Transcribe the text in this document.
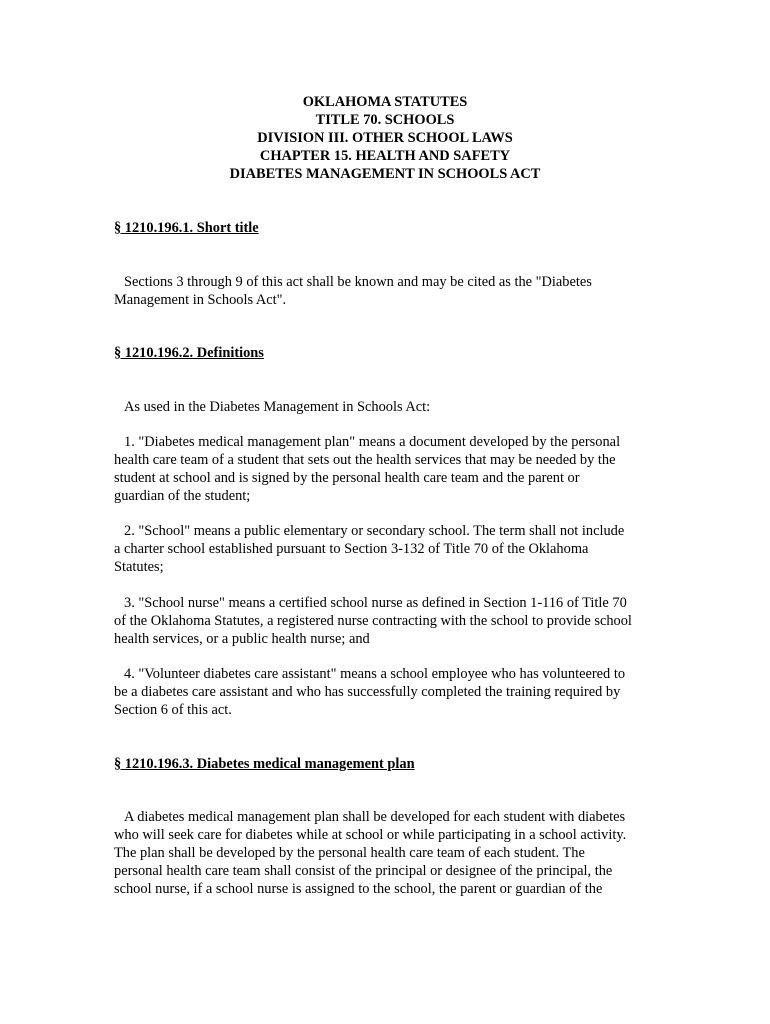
OKLAHOMA STATUTES
TITLE 70. SCHOOLS
DIVISION III. OTHER SCHOOL LAWS
CHAPTER 15. HEALTH AND SAFETY
DIABETES MANAGEMENT IN SCHOOLS ACT
§ 1210.196.1. Short title
Sections 3 through 9 of this act shall be known and may be cited as the "Diabetes
Management in Schools Act".
§ 1210.196.2. Definitions
As used in the Diabetes Management in Schools Act:
1. "Diabetes medical management plan" means a document developed by the personal
health care team of a student that sets out the health services that may be needed by the
student at school and is signed by the personal health care team and the parent or
guardian of the student;
2. "School" means a public elementary or secondary school. The term shall not include
a charter school established pursuant to Section 3-132 of Title 70 of the Oklahoma
Statutes;
3. "School nurse" means a certified school nurse as defined in Section 1-116 of Title 70
of the Oklahoma Statutes, a registered nurse contracting with the school to provide school
health services, or a public health nurse; and
4. "Volunteer diabetes care assistant" means a school employee who has volunteered to
be a diabetes care assistant and who has successfully completed the training required by
Section 6 of this act.
§ 1210.196.3. Diabetes medical management plan
A diabetes medical management plan shall be developed for each student with diabetes
who will seek care for diabetes while at school or while participating in a school activity.
The plan shall be developed by the personal health care team of each student. The
personal health care team shall consist of the principal or designee of the principal, the
school nurse, if a school nurse is assigned to the school, the parent or guardian of the
